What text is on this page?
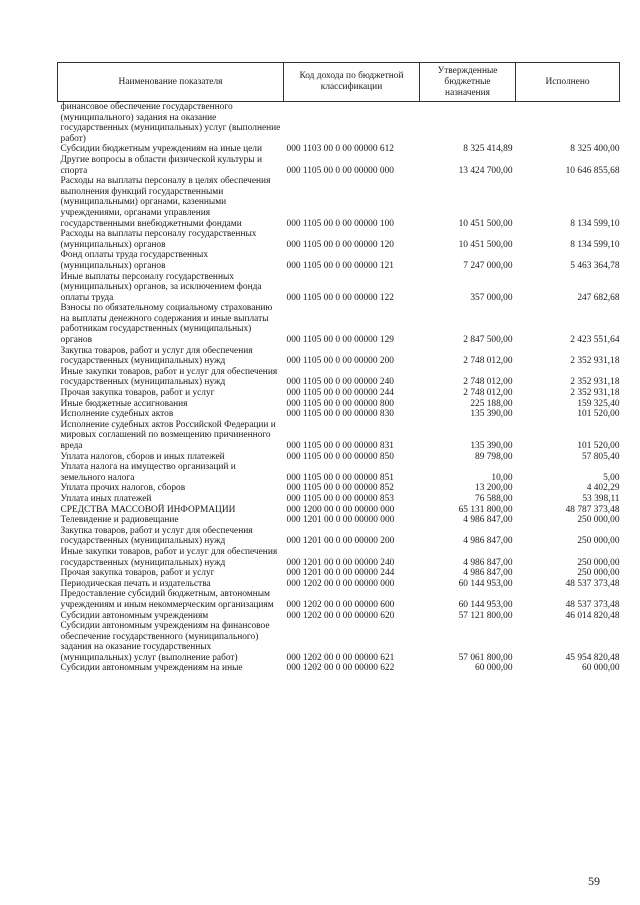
Наименование показателя	Код дохода по бюджетной классификации	Утвержденные бюджетные назначения	Исполнено
финансовое обеспечение государственного (муниципального) задания на оказание государственных (муниципальных) услуг (выполнение работ)			
Субсидии бюджетным учреждениям на иные цели	000 1103 00 0 00 00000 612	8 325 414,89	8 325 400,00
Другие вопросы в области физической культуры и спорта	000 1105 00 0 00 00000 000	13 424 700,00	10 646 855,68
Расходы на выплаты персоналу в целях обеспечения выполнения функций государственными (муниципальными) органами, казенными учреждениями, органами управления государственными внебюджетными фондами	000 1105 00 0 00 00000 100	10 451 500,00	8 134 599,10
Расходы на выплаты персоналу государственных (муниципальных) органов	000 1105 00 0 00 00000 120	10 451 500,00	8 134 599,10
Фонд оплаты труда государственных (муниципальных) органов	000 1105 00 0 00 00000 121	7 247 000,00	5 463 364,78
Иные выплаты персоналу государственных (муниципальных) органов, за исключением фонда оплаты труда	000 1105 00 0 00 00000 122	357 000,00	247 682,68
Взносы по обязательному социальному страхованию на выплаты денежного содержания и иные выплаты работникам государственных (муниципальных) органов	000 1105 00 0 00 00000 129	2 847 500,00	2 423 551,64
Закупка товаров, работ и услуг для обеспечения государственных (муниципальных) нужд	000 1105 00 0 00 00000 200	2 748 012,00	2 352 931,18
Иные закупки товаров, работ и услуг для обеспечения государственных (муниципальных) нужд	000 1105 00 0 00 00000 240	2 748 012,00	2 352 931,18
Прочая закупка товаров, работ и услуг	000 1105 00 0 00 00000 244	2 748 012,00	2 352 931,18
Иные бюджетные ассигнования	000 1105 00 0 00 00000 800	225 188,00	159 325,40
Исполнение судебных актов	000 1105 00 0 00 00000 830	135 390,00	101 520,00
Исполнение судебных актов Российской Федерации и мировых соглашений по возмещению причиненного вреда	000 1105 00 0 00 00000 831	135 390,00	101 520,00
Уплата налогов, сборов и иных платежей	000 1105 00 0 00 00000 850	89 798,00	57 805,40
Уплата налога на имущество организаций и земельного налога	000 1105 00 0 00 00000 851	10,00	5,00
Уплата прочих налогов, сборов	000 1105 00 0 00 00000 852	13 200,00	4 402,29
Уплата иных платежей	000 1105 00 0 00 00000 853	76 588,00	53 398,11
СРЕДСТВА МАССОВОЙ ИНФОРМАЦИИ	000 1200 00 0 00 00000 000	65 131 800,00	48 787 373,48
Телевидение и радиовещание	000 1201 00 0 00 00000 000	4 986 847,00	250 000,00
Закупка товаров, работ и услуг для обеспечения государственных (муниципальных) нужд	000 1201 00 0 00 00000 200	4 986 847,00	250 000,00
Иные закупки товаров, работ и услуг для обеспечения государственных (муниципальных) нужд	000 1201 00 0 00 00000 240	4 986 847,00	250 000,00
Прочая закупка товаров, работ и услуг	000 1201 00 0 00 00000 244	4 986 847,00	250 000,00
Периодическая печать и издательства	000 1202 00 0 00 00000 000	60 144 953,00	48 537 373,48
Предоставление субсидий бюджетным, автономным учреждениям и иным некоммерческим организациям	000 1202 00 0 00 00000 600	60 144 953,00	48 537 373,48
Субсидии автономным учреждениям	000 1202 00 0 00 00000 620	57 121 800,00	46 014 820,48
Субсидии автономным учреждениям на финансовое обеспечение государственного (муниципального) задания на оказание государственных (муниципальных) услуг (выполнение работ)	000 1202 00 0 00 00000 621	57 061 800,00	45 954 820,48
Субсидии автономным учреждениям на иные	000 1202 00 0 00 00000 622	60 000,00	60 000,00
59
